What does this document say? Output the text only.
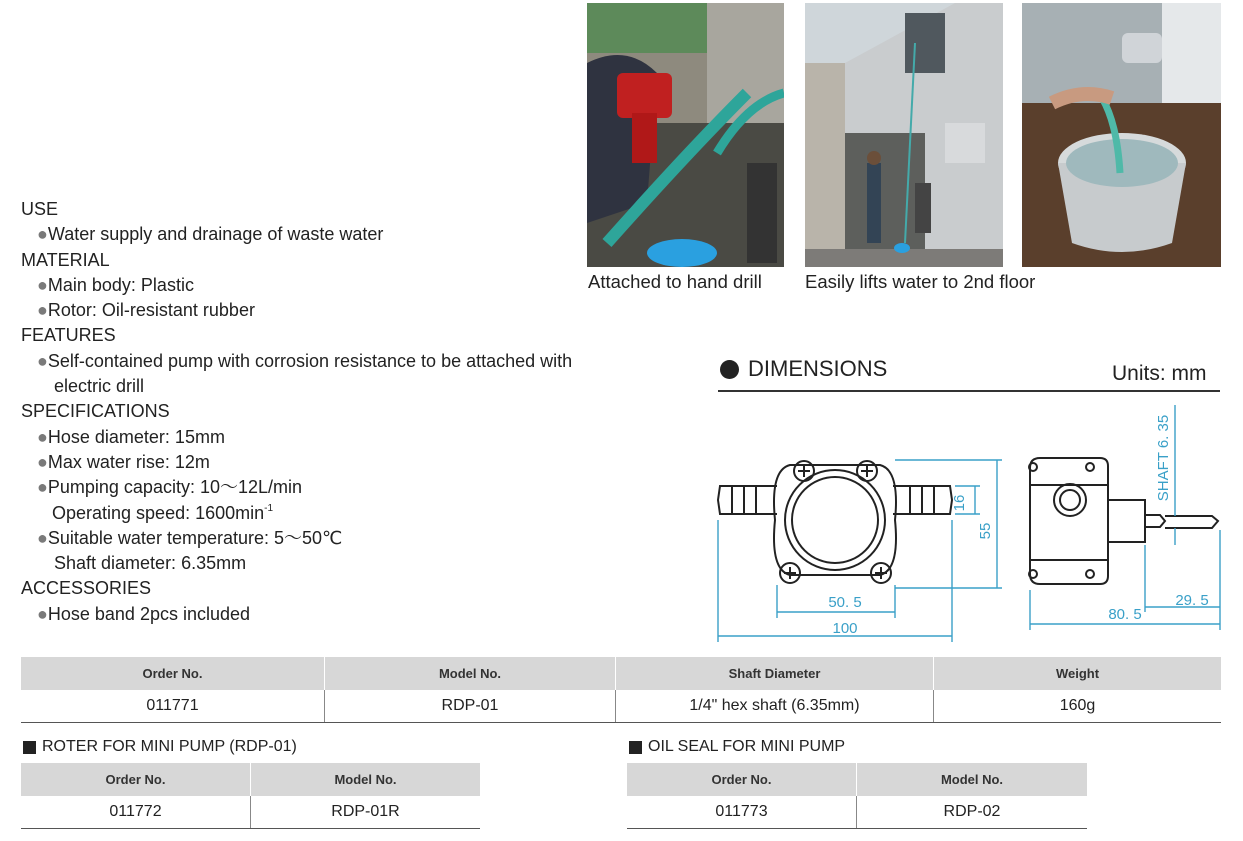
Attached to hand drill Easily lifts water to 2nd floor
USE
●Water supply and drainage of waste water
MATERIAL
●Main body: Plastic
●Rotor: Oil-resistant rubber
FEATURES
●Self-contained pump with corrosion resistance to be attached with
electric drill
SPECIFICATIONS
●Hose diameter: 15mm
●Max water rise: 12m
●Pumping capacity: 10～12L/min
Operating speed: $1600\min^{-1}$
●Suitable water temperature: 5～50℃
Shaft diameter: 6.35mm
ACCESSORIES
●Hose band 2pcs included
DIMENSIONS	Units: mm
16
55
50. 5
100
SHAFT 6. 35
80. 5
29. 5
Order No.	Model No.	Shaft Diameter	Weight
011771	RDP-01	1/4" hex shaft (6.35mm)	160g
ROTER FOR MINI PUMP (RDP-01)
Order No.	Model No.
011772	RDP-01R
OIL SEAL FOR MINI PUMP
Order No.	Model No.
011773	RDP-02
